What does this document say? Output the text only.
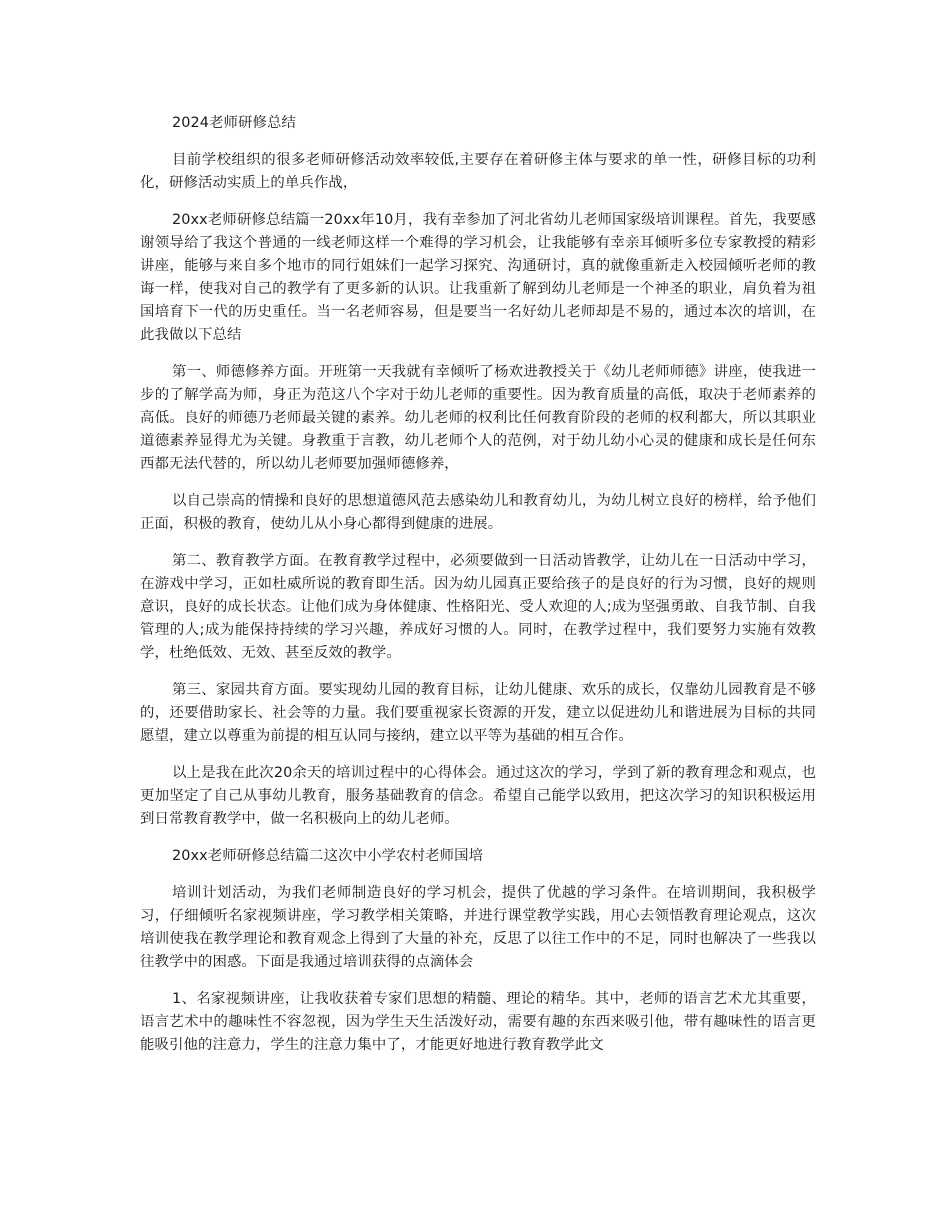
2024老师研修总结

目前学校组织的很多老师研修活动效率较低,主要存在着研修主体与要求的单一性，研修目标的功利化，研修活动实质上的单兵作战，

20xx老师研修总结篇一20xx年10月，我有幸参加了河北省幼儿老师国家级培训课程。首先，我要感谢领导给了我这个普通的一线老师这样一个难得的学习机会，让我能够有幸亲耳倾听多位专家教授的精彩讲座，能够与来自多个地市的同行姐妹们一起学习探究、沟通研讨，真的就像重新走入校园倾听老师的教诲一样，使我对自己的教学有了更多新的认识。让我重新了解到幼儿老师是一个神圣的职业，肩负着为祖国培育下一代的历史重任。当一名老师容易，但是要当一名好幼儿老师却是不易的，通过本次的培训，在此我做以下总结

第一、师德修养方面。开班第一天我就有幸倾听了杨欢进教授关于《幼儿老师师德》讲座，使我进一步的了解学高为师，身正为范这八个字对于幼儿老师的重要性。因为教育质量的高低，取决于老师素养的高低。良好的师德乃老师最关键的素养。幼儿老师的权利比任何教育阶段的老师的权利都大，所以其职业道德素养显得尤为关键。身教重于言教，幼儿老师个人的范例，对于幼儿幼小心灵的健康和成长是任何东西都无法代替的，所以幼儿老师要加强师德修养，

以自己崇高的情操和良好的思想道德风范去感染幼儿和教育幼儿，为幼儿树立良好的榜样，给予他们正面，积极的教育，使幼儿从小身心都得到健康的进展。

第二、教育教学方面。在教育教学过程中，必须要做到一日活动皆教学，让幼儿在一日活动中学习，在游戏中学习，正如杜威所说的教育即生活。因为幼儿园真正要给孩子的是良好的行为习惯，良好的规则意识，良好的成长状态。让他们成为身体健康、性格阳光、受人欢迎的人;成为坚强勇敢、自我节制、自我管理的人;成为能保持持续的学习兴趣，养成好习惯的人。同时，在教学过程中，我们要努力实施有效教学，杜绝低效、无效、甚至反效的教学。

第三、家园共育方面。要实现幼儿园的教育目标，让幼儿健康、欢乐的成长，仅靠幼儿园教育是不够的，还要借助家长、社会等的力量。我们要重视家长资源的开发，建立以促进幼儿和谐进展为目标的共同愿望，建立以尊重为前提的相互认同与接纳，建立以平等为基础的相互合作。

以上是我在此次20余天的培训过程中的心得体会。通过这次的学习，学到了新的教育理念和观点，也更加坚定了自己从事幼儿教育，服务基础教育的信念。希望自己能学以致用，把这次学习的知识积极运用到日常教育教学中，做一名积极向上的幼儿老师。

20xx老师研修总结篇二这次中小学农村老师国培

培训计划活动，为我们老师制造良好的学习机会，提供了优越的学习条件。在培训期间，我积极学习，仔细倾听名家视频讲座，学习教学相关策略，并进行课堂教学实践，用心去领悟教育理论观点，这次培训使我在教学理论和教育观念上得到了大量的补充，反思了以往工作中的不足，同时也解决了一些我以往教学中的困惑。下面是我通过培训获得的点滴体会

1、名家视频讲座，让我收获着专家们思想的精髓、理论的精华。其中，老师的语言艺术尤其重要，语言艺术中的趣味性不容忽视，因为学生天生活泼好动，需要有趣的东西来吸引他，带有趣味性的语言更能吸引他的注意力，学生的注意力集中了，才能更好地进行教育教学此文
